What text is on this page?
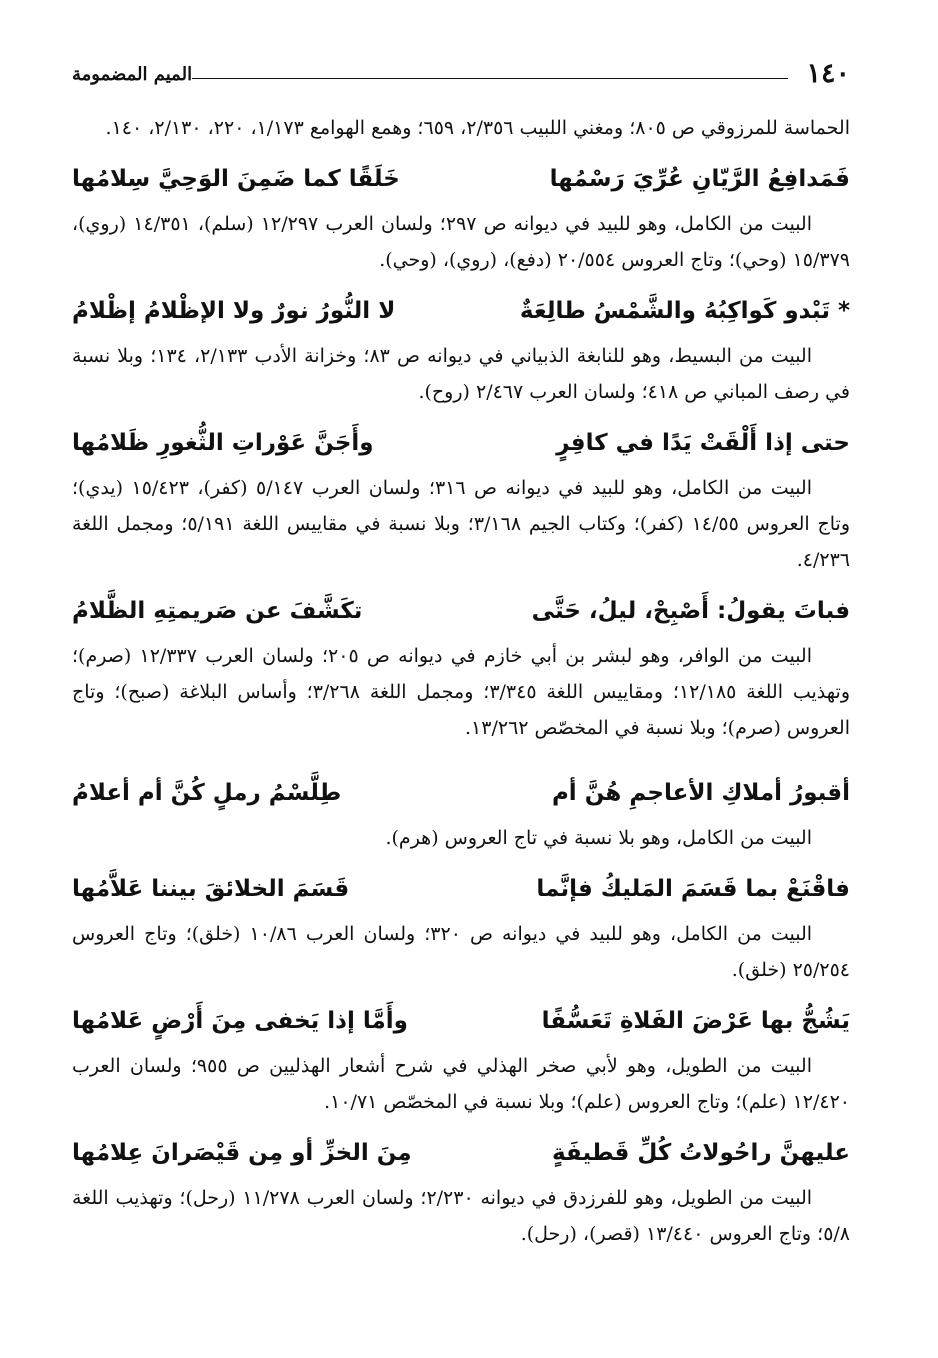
١٤٠
الميم المضمومة

الحماسة للمرزوقي ص ٨٠٥؛ ومغني اللبيب ٢/٣٥٦، ٦٥٩؛ وهمع الهوامع ١/١٧٣، ٢٢٠، ٢/١٣٠، ١٤٠.

فَمَدافِعُ الرَّيّانِ عُرِّيَ رَسْمُها
خَلَقًا كما ضَمِنَ الوَحِيَّ سِلامُها

البيت من الكامل، وهو للبيد في ديوانه ص ٢٩٧؛ ولسان العرب ١٢/٢٩٧ (سلم)، ١٤/٣٥١ (روي)، ١٥/٣٧٩ (وحي)؛ وتاج العروس ٢٠/٥٥٤ (دفع)، (روي)، (وحي).

* تَبْدو كَواكِبُهُ والشَّمْسُ طالِعَةٌ
لا النُّورُ نورٌ ولا الإظْلامُ إظْلامُ

البيت من البسيط، وهو للنابغة الذبياني في ديوانه ص ٨٣؛ وخزانة الأدب ٢/١٣٣، ١٣٤؛ وبلا نسبة في رصف المباني ص ٤١٨؛ ولسان العرب ٢/٤٦٧ (روح).

حتى إذا أَلْقَتْ يَدًا في كافِرٍ
وأَجَنَّ عَوْراتِ الثُّغورِ ظَلامُها

البيت من الكامل، وهو للبيد في ديوانه ص ٣١٦؛ ولسان العرب ٥/١٤٧ (كفر)، ١٥/٤٢٣ (يدي)؛ وتاج العروس ١٤/٥٥ (كفر)؛ وكتاب الجيم ٣/١٦٨؛ وبلا نسبة في مقاييس اللغة ٥/١٩١؛ ومجمل اللغة ٤/٢٣٦.

فباتَ يقولُ: أَصْبِحْ، ليلُ، حَتَّى
تكَشَّفَ عن صَريمتِهِ الظَّلامُ

البيت من الوافر، وهو لبشر بن أبي خازم في ديوانه ص ٢٠٥؛ ولسان العرب ١٢/٣٣٧ (صرم)؛ وتهذيب اللغة ١٢/١٨٥؛ ومقاييس اللغة ٣/٣٤٥؛ ومجمل اللغة ٣/٢٦٨؛ وأساس البلاغة (صبح)؛ وتاج العروس (صرم)؛ وبلا نسبة في المخصّص ١٣/٢٦٢.

أقبورُ أملاكِ الأعاجمِ هُنَّ أم
طِلَّسْمُ رملٍ كُنَّ أم أعلامُ

البيت من الكامل، وهو بلا نسبة في تاج العروس (هرم).

فاقْنَعْ بما قَسَمَ المَليكُ فإنَّما
قَسَمَ الخلائقَ بيننا عَلاَّمُها

البيت من الكامل، وهو للبيد في ديوانه ص ٣٢٠؛ ولسان العرب ١٠/٨٦ (خلق)؛ وتاج العروس ٢٥/٢٥٤ (خلق).

يَشُجُّ بها عَرْضَ الفَلاةِ تَعَسُّفًا
وأَمَّا إذا يَخفى مِنَ أَرْضٍ عَلامُها

البيت من الطويل، وهو لأبي صخر الهذلي في شرح أشعار الهذليين ص ٩٥٥؛ ولسان العرب ١٢/٤٢٠ (علم)؛ وتاج العروس (علم)؛ وبلا نسبة في المخصّص ١٠/٧١.

عليهنَّ راحُولاتُ كُلِّ قَطيفَةٍ
مِنَ الخزِّ أو مِن قَيْصَرانَ عِلامُها

البيت من الطويل، وهو للفرزدق في ديوانه ٢/٢٣٠؛ ولسان العرب ١١/٢٧٨ (رحل)؛ وتهذيب اللغة ٥/٨؛ وتاج العروس ١٣/٤٤٠ (قصر)، (رحل).
